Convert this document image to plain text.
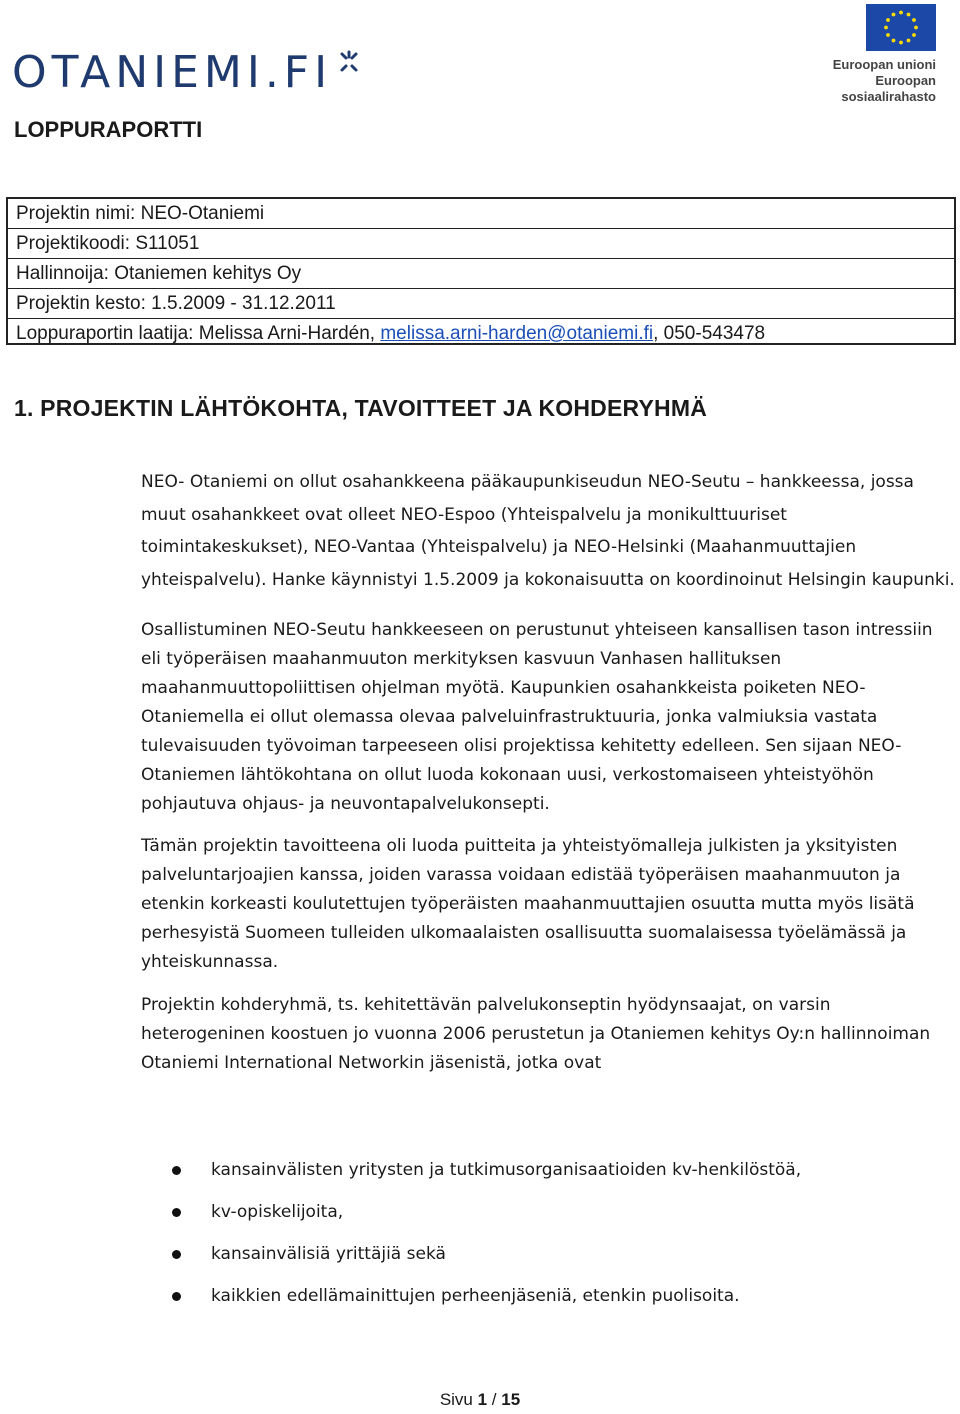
OTANIEMI.FI	Euroopan unioni
Euroopan sosiaalirahasto
LOPPURAPORTTI
Projektin nimi: NEO-Otaniemi
Projektikoodi: S11051
Hallinnoija: Otaniemen kehitys Oy
Projektin kesto: 1.5.2009 - 31.12.2011
Loppuraportin laatija: Melissa Arni-Hardén, melissa.arni-harden@otaniemi.fi, 050-543478
1. PROJEKTIN LÄHTÖKOHTA, TAVOITTEET JA KOHDERYHMÄ

NEO- Otaniemi on ollut osahankkeena pääkaupunkiseudun NEO-Seutu – hankkeessa, jossa muut osahankkeet ovat olleet NEO-Espoo (Yhteispalvelu ja monikulttuuriset toimintakeskukset), NEO-Vantaa (Yhteispalvelu) ja NEO-Helsinki (Maahanmuuttajien yhteispalvelu). Hanke käynnistyi 1.5.2009 ja kokonaisuutta on koordinoinut Helsingin kaupunki.

Osallistuminen NEO-Seutu hankkeeseen on perustunut yhteiseen kansallisen tason intressiin eli työperäisen maahanmuuton merkityksen kasvuun Vanhasen hallituksen maahanmuuttopoliittisen ohjelman myötä. Kaupunkien osahankkeista poiketen NEO-Otaniemella ei ollut olemassa olevaa palveluinfrastruktuuria, jonka valmiuksia vastata tulevaisuuden työvoiman tarpeeseen olisi projektissa kehitetty edelleen. Sen sijaan NEO-Otaniemen lähtökohtana on ollut luoda kokonaan uusi, verkostomaiseen yhteistyöhön pohjautuva ohjaus- ja neuvontapalvelukonsepti.

Tämän projektin tavoitteena oli luoda puitteita ja yhteistyömalleja julkisten ja yksityisten palveluntarjoajien kanssa, joiden varassa voidaan edistää työperäisen maahanmuuton ja etenkin korkeasti koulutettujen työperäisten maahanmuuttajien osuutta mutta myös lisätä perhesyistä Suomeen tulleiden ulkomaalaisten osallisuutta suomalaisessa työelämässä ja yhteiskunnassa.

Projektin kohderyhmä, ts. kehitettävän palvelukonseptin hyödynsaajat, on varsin heterogeninen koostuen jo vuonna 2006 perustetun ja Otaniemen kehitys Oy:n hallinnoiman Otaniemi International Networkin jäsenistä, jotka ovat

kansainvälisten yritysten ja tutkimusorganisaatioiden kv-henkilöstöä,
kv-opiskelijoita,
kansainvälisiä yrittäjiä sekä
kaikkien edellämainittujen perheenjäseniä, etenkin puolisoita.
Sivu 1 / 15
